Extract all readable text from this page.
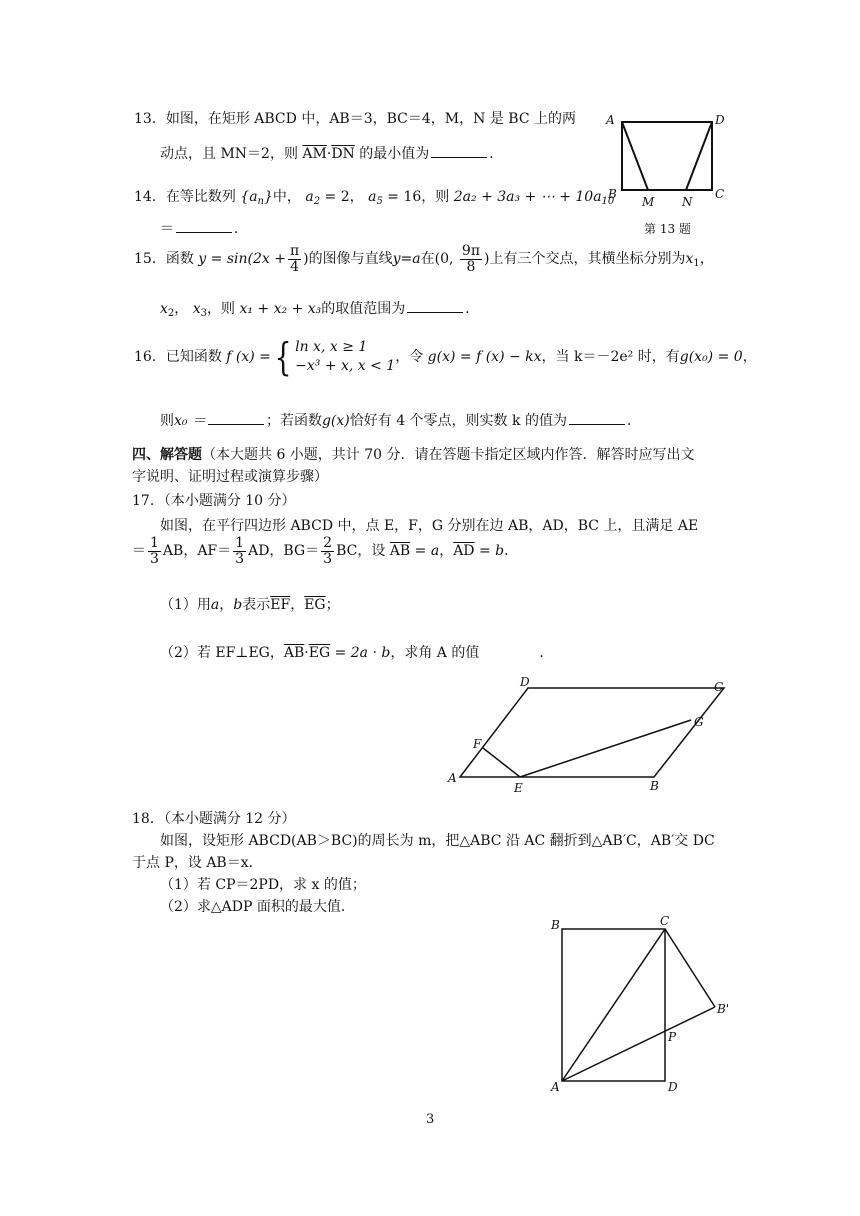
13．如图，在矩形 ABCD 中，AB＝3，BC＝4，M，N 是 BC 上的两
动点，且 MN＝2，则 $\overline{AM}\cdot\overline{DN}$ 的最小值为	．
A	D
B
M N
C
第 13 题
14．在等比数列 $\{a_n\}$中， $a_2 = 2$， $a_5 = 16$，则 2a₂ + 3a₃ + ⋯ + $10a_{10}$
＝	．
15．函数 $y = \sin(2x + \frac{\pi}{4}$ )的图像与直线y=a在(0, $\frac{9\pi}{8}$ )上有三个交点，其横坐标分别为$x_1$，
$x_2$， $x_3$，则 x₁ + x₂ + x₃的取值范围为	．
16．已知函数 f (x) ={ ln x, x ≥ 1
−x³ + x, x < 1
，令 g(x) = f (x) − kx，当 k＝－2e² 时，有g(x₀) = 0，
则x₀ ＝	；若函数g(x)恰好有 4 个零点，则实数 k 的值为	．
四、解答题（本大题共 6 小题，共计 70 分．请在答题卡指定区域内作答．解答时应写出文
字说明、证明过程或演算步骤）
17．（本小题满分 10 分）
如图，在平行四边形 ABCD 中，点 E，F，G 分别在边 AB，AD，BC 上，且满足 AE
＝ $\frac{1}{3}$ AB，$AF= \frac{1}{3}$ AD，$BG= \frac{2}{3}$ BC，设 $\overline{AB} = a$，$\overline{AD} = b$．
（1）用a，b表示$\overline{EF}$，$\overline{EG}$；
（2）若 EF⊥EG，$\overline{AB}\cdot\overline{EG} = 2a \cdot b$，求角 A 的值	．
D	C
F
G
A
E	B
18．（本小题满分 12 分）
如图，设矩形 ABCD(AB＞BC)的周长为 m，把△ABC 沿 AC 翻折到△AB′C，AB′交 DC
于点 P，设 AB＝x．
（1）若 CP＝2PD，求 x 的值；
（2）求△ADP 面积的最大值．
B	C
B'
P
A	D
3
